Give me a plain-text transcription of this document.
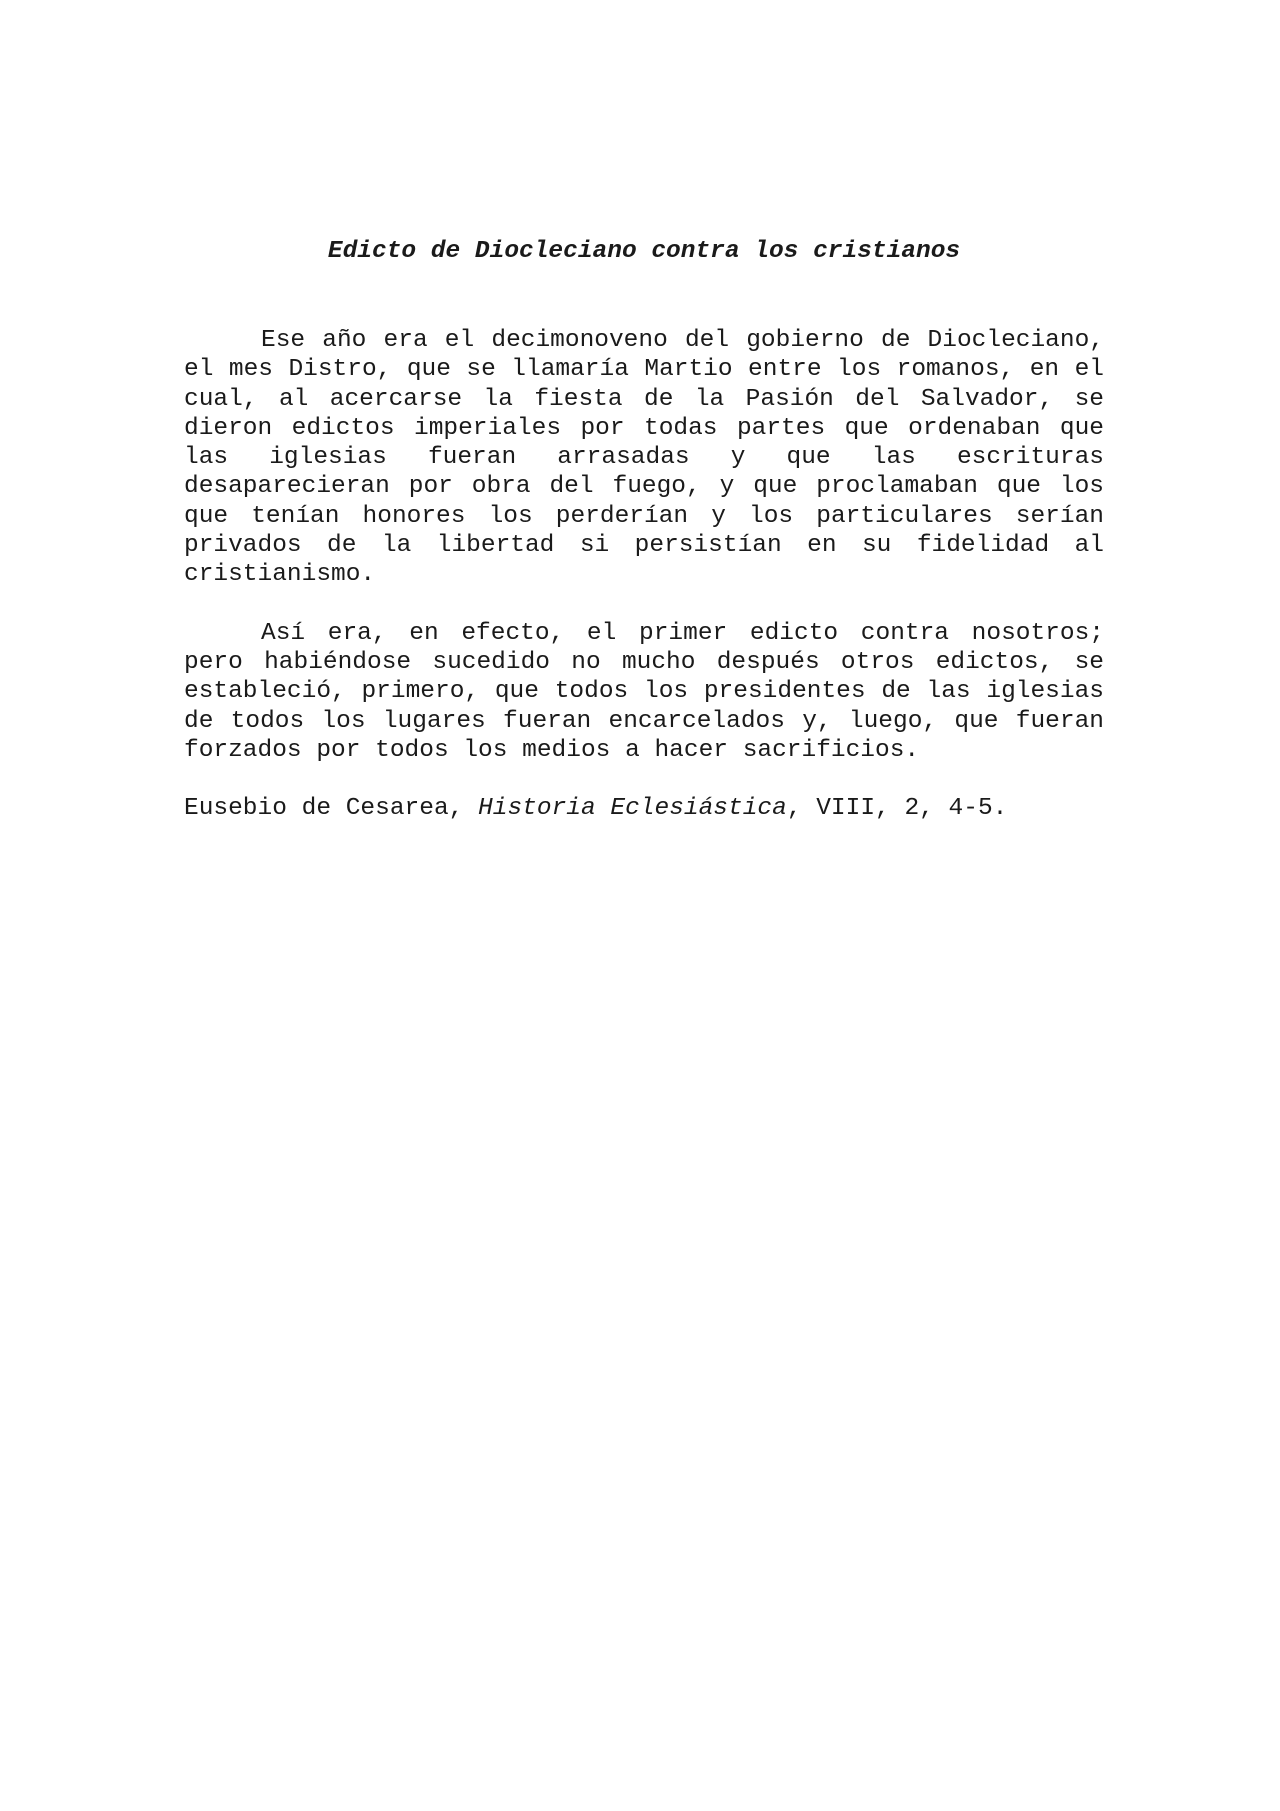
Edicto de Diocleciano contra los cristianos

Ese año era el decimonoveno del gobierno de Diocleciano, el mes Distro, que se llamaría Martio entre los romanos, en el cual, al acercarse la fiesta de la Pasión del Salvador, se dieron edictos imperiales por todas partes que ordenaban que las iglesias fueran arrasadas y que las escrituras desaparecieran por obra del fuego, y que proclamaban que los que tenían honores los perderían y los particulares serían privados de la libertad si persistían en su fidelidad al cristianismo.

Así era, en efecto, el primer edicto contra nosotros; pero habiéndose sucedido no mucho después otros edictos, se estableció, primero, que todos los presidentes de las iglesias de todos los lugares fueran encarcelados y, luego, que fueran forzados por todos los medios a hacer sacrificios.

Eusebio de Cesarea, Historia Eclesiástica, VIII, 2, 4-5.
